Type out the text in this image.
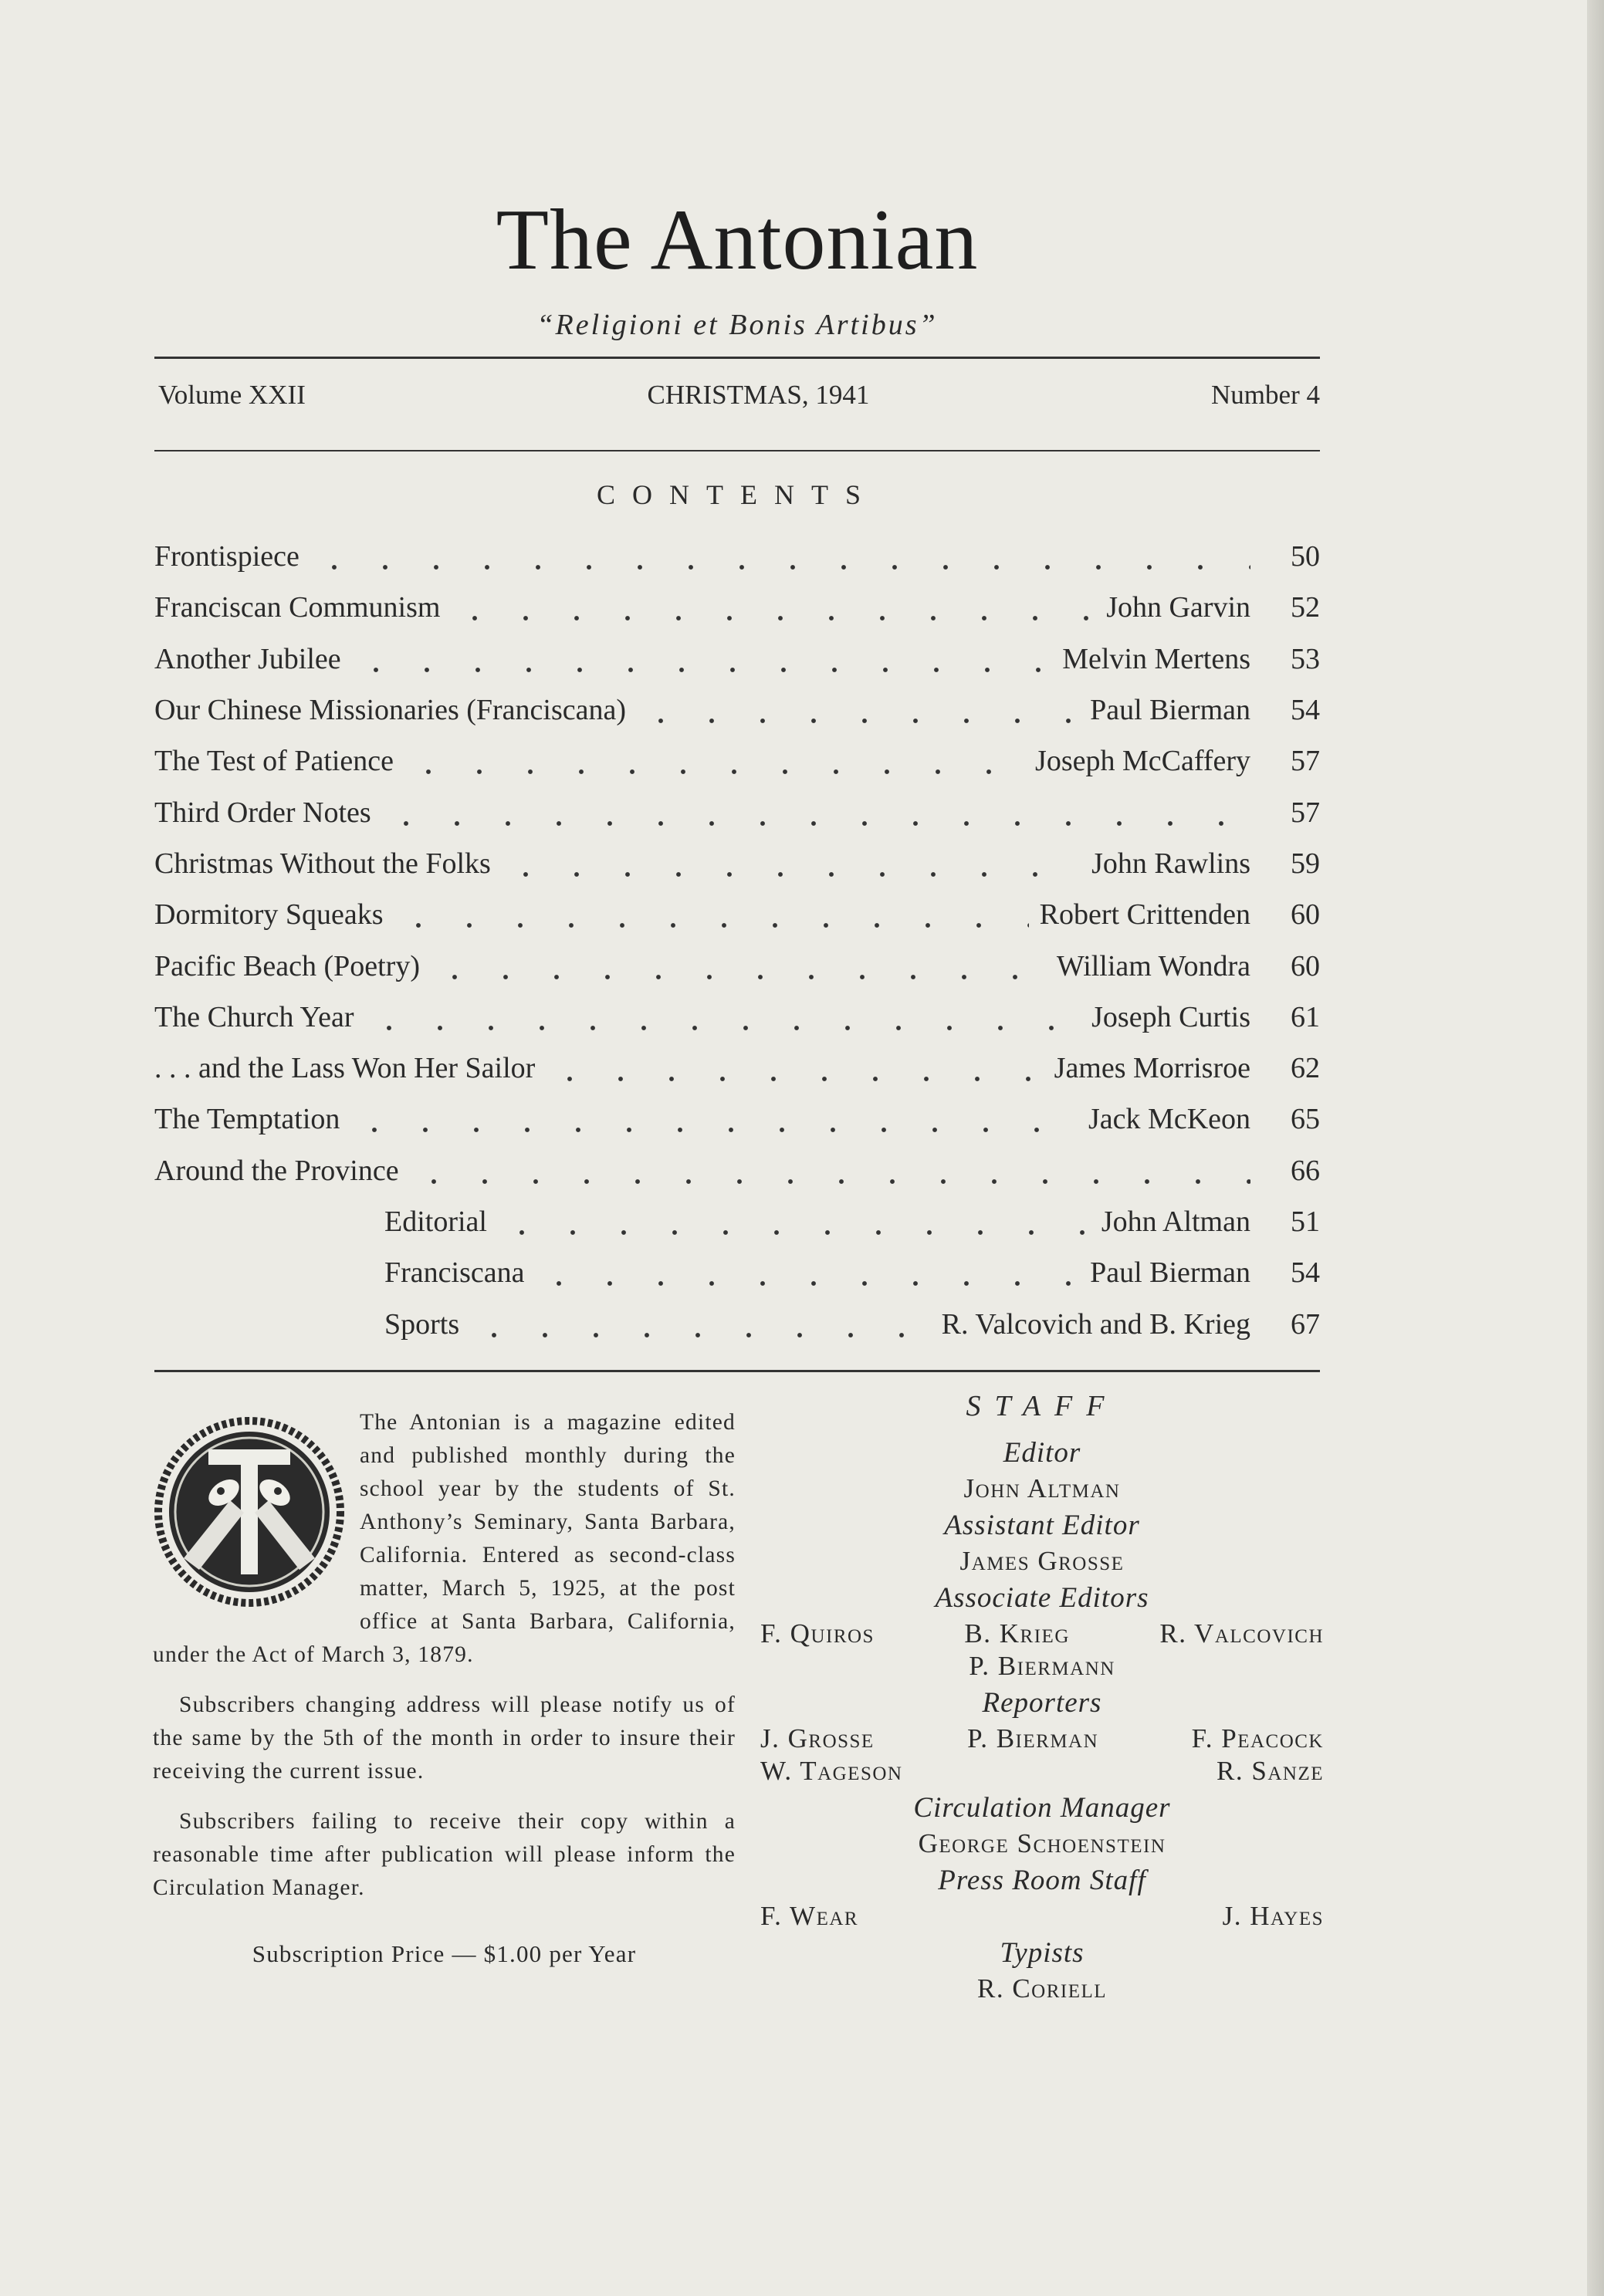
The Antonian
“Religioni et Bonis Artibus”
Volume XXII	CHRISTMAS, 1941	Number 4
CONTENTS
Frontispiece	50
Franciscan Communism	John Garvin	52
Another Jubilee	Melvin Mertens	53
Our Chinese Missionaries (Franciscana)	Paul Bierman	54
The Test of Patience	Joseph McCaffery	57
Third Order Notes	57
Christmas Without the Folks	John Rawlins	59
Dormitory Squeaks	Robert Crittenden	60
Pacific Beach (Poetry)	William Wondra	60
The Church Year	Joseph Curtis	61
. . . and the Lass Won Her Sailor	James Morrisroe	62
The Temptation	Jack McKeon	65
Around the Province	66
Editorial	John Altman	51
Franciscana	Paul Bierman	54
Sports	R. Valcovich and B. Krieg	67

The Antonian is a magazine edited and published monthly during the school year by the students of St. Anthony’s Seminary, Santa Barbara, California. Entered as second-class matter, March 5, 1925, at the post office at Santa Barbara, California, under the Act of March 3, 1879.

Subscribers changing address will please notify us of the same by the 5th of the month in order to insure their receiving the current issue.

Subscribers failing to receive their copy within a reasonable time after publication will please inform the Circulation Manager.

Subscription Price — $1.00 per Year

STAFF
Editor
John Altman
Assistant Editor
James Grosse
Associate Editors
F. Quiros	B. Krieg	R. Valcovich
P. Biermann
Reporters
J. Grosse	P. Bierman	F. Peacock
W. Tageson	R. Sanze
Circulation Manager
George Schoenstein
Press Room Staff
F. Wear	J. Hayes
Typists
R. Coriell
